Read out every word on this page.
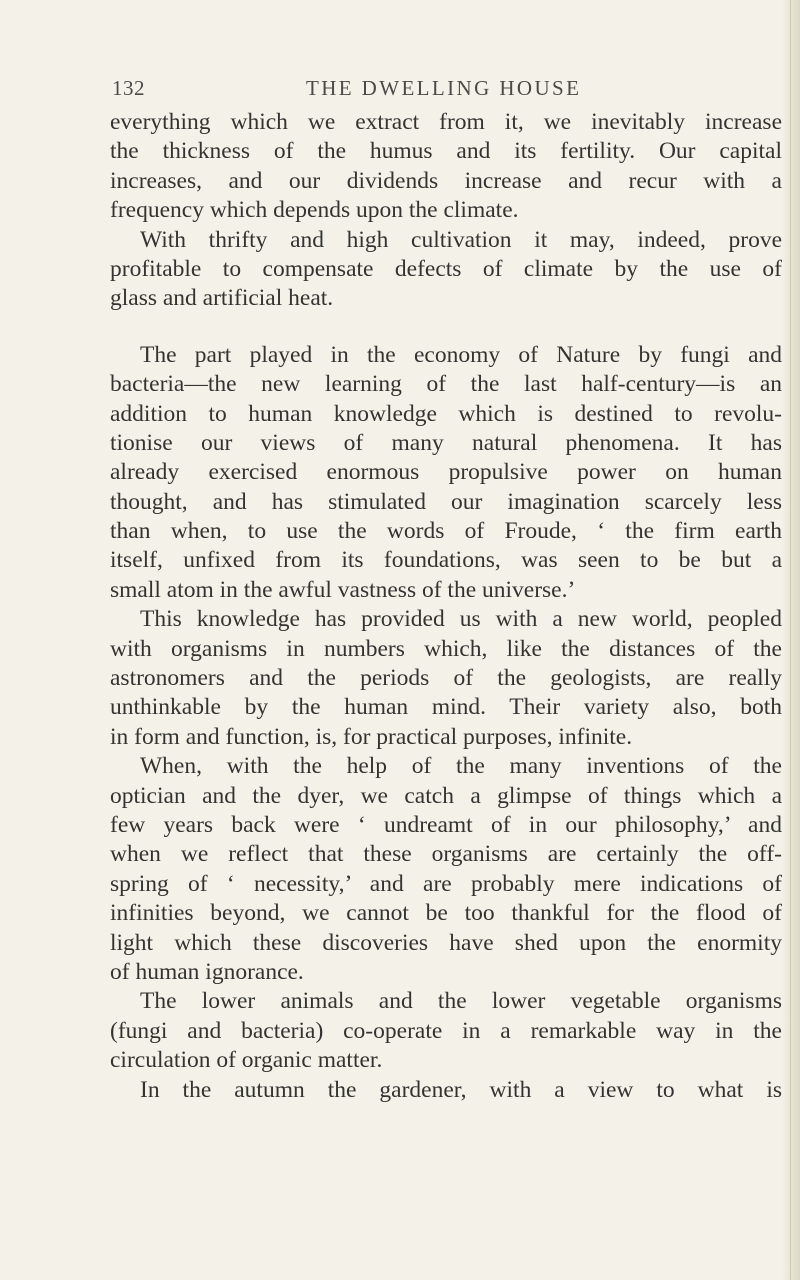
132	THE DWELLING HOUSE
everything which we extract from it, we inevitably increase
the thickness of the humus and its fertility. Our capital
increases, and our dividends increase and recur with a
frequency which depends upon the climate.
With thrifty and high cultivation it may, indeed, prove
profitable to compensate defects of climate by the use of
glass and artificial heat.
The part played in the economy of Nature by fungi and
bacteria—the new learning of the last half-century—is an
addition to human knowledge which is destined to revolu-
tionise our views of many natural phenomena. It has
already exercised enormous propulsive power on human
thought, and has stimulated our imagination scarcely less
than when, to use the words of Froude, ‘ the firm earth
itself, unfixed from its foundations, was seen to be but a
small atom in the awful vastness of the universe.’
This knowledge has provided us with a new world, peopled
with organisms in numbers which, like the distances of the
astronomers and the periods of the geologists, are really
unthinkable by the human mind. Their variety also, both
in form and function, is, for practical purposes, infinite.
When, with the help of the many inventions of the
optician and the dyer, we catch a glimpse of things which a
few years back were ‘ undreamt of in our philosophy,’ and
when we reflect that these organisms are certainly the off-
spring of ‘ necessity,’ and are probably mere indications of
infinities beyond, we cannot be too thankful for the flood of
light which these discoveries have shed upon the enormity
of human ignorance.
The lower animals and the lower vegetable organisms
(fungi and bacteria) co-operate in a remarkable way in the
circulation of organic matter.
In the autumn the gardener, with a view to what is
